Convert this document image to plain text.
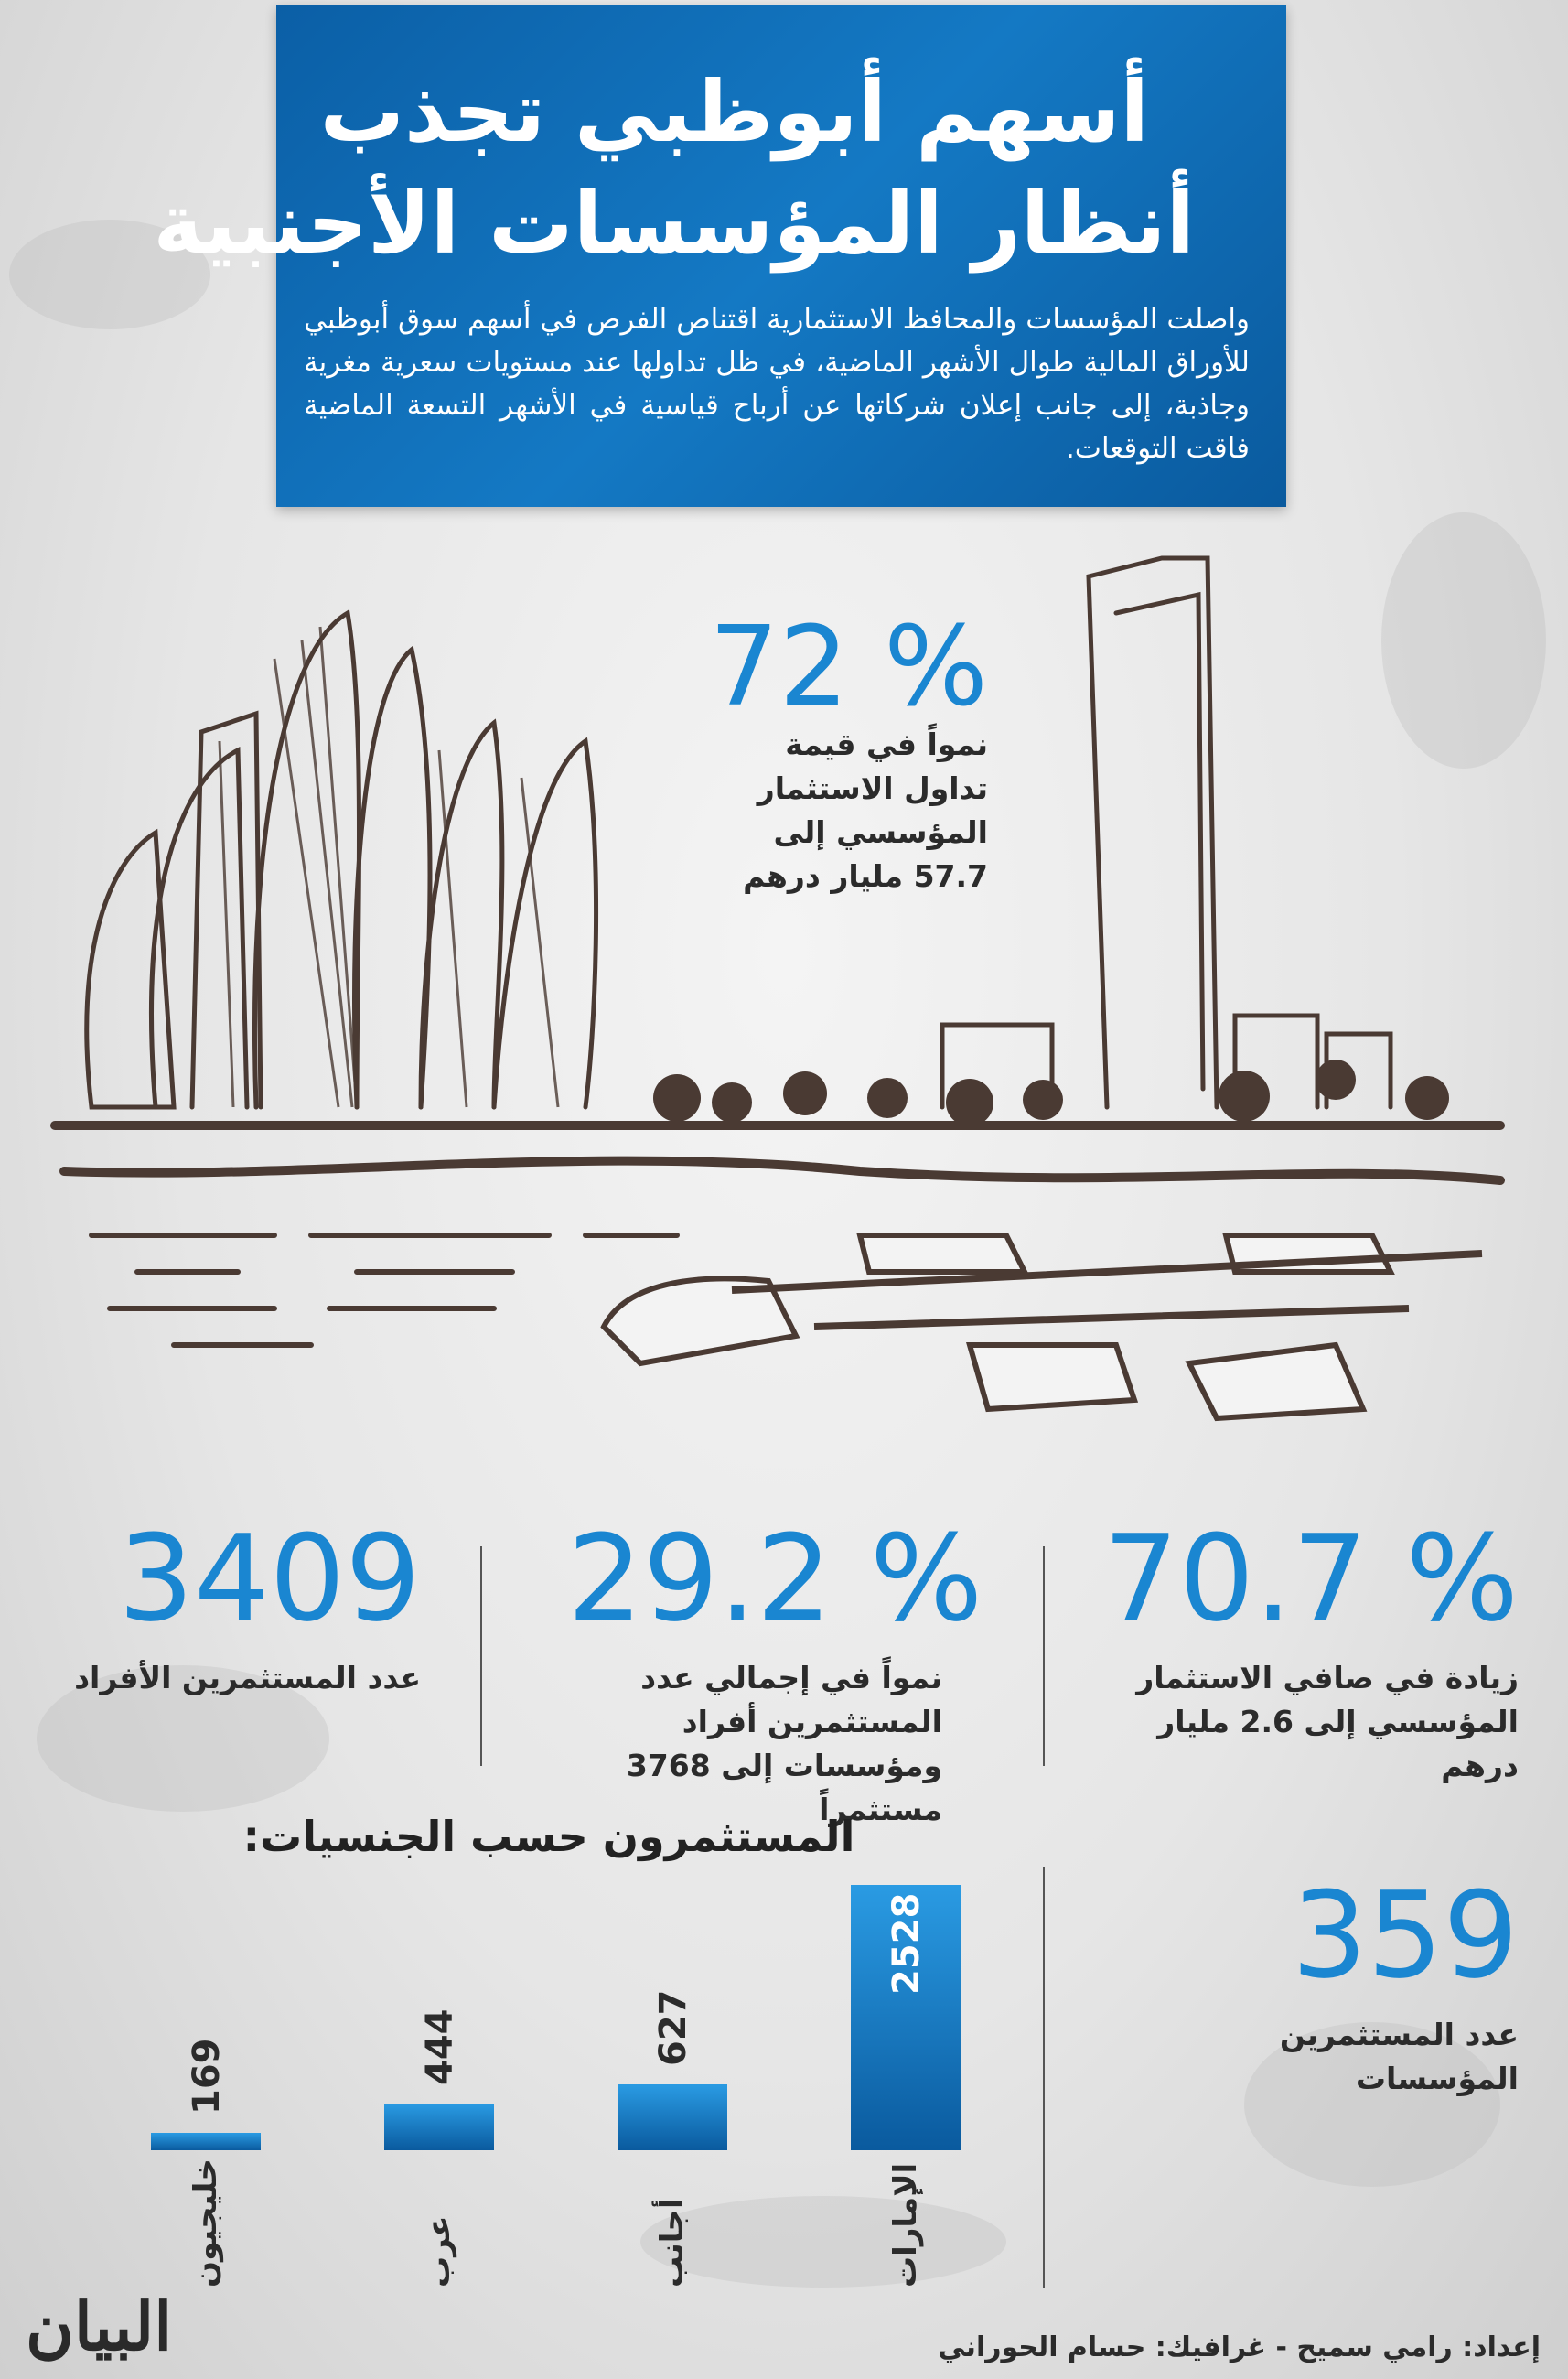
أسهم أبوظبي تجذب
أنظار المؤسسات الأجنبية
واصلت المؤسسات والمحافظ الاستثمارية اقتناص الفرص في أسهم سوق أبوظبي للأوراق المالية طوال الأشهر الماضية، في ظل تداولها عند مستويات سعرية مغرية وجاذبة، إلى جانب إعلان شركاتها عن أرباح قياسية في الأشهر التسعة الماضية فاقت التوقعات.
72 %
نمواً في قيمة تداول الاستثمار المؤسسي إلى 57.7 مليار درهم
70.7 %
زيادة في صافي الاستثمار المؤسسي إلى 2.6 مليار درهم
29.2 %
نمواً في إجمالي عدد المستثمرين أفراد ومؤسسات إلى 3768 مستثمراً
3409
عدد المستثمرين الأفراد
359
عدد المستثمرين المؤسسات
المستثمرون حسب الجنسيات:
2528
الإمارات
627
أجانب
444
عرب
169
خليجيون
إعداد: رامي سميح - غرافيك: حسام الحوراني
البيان
